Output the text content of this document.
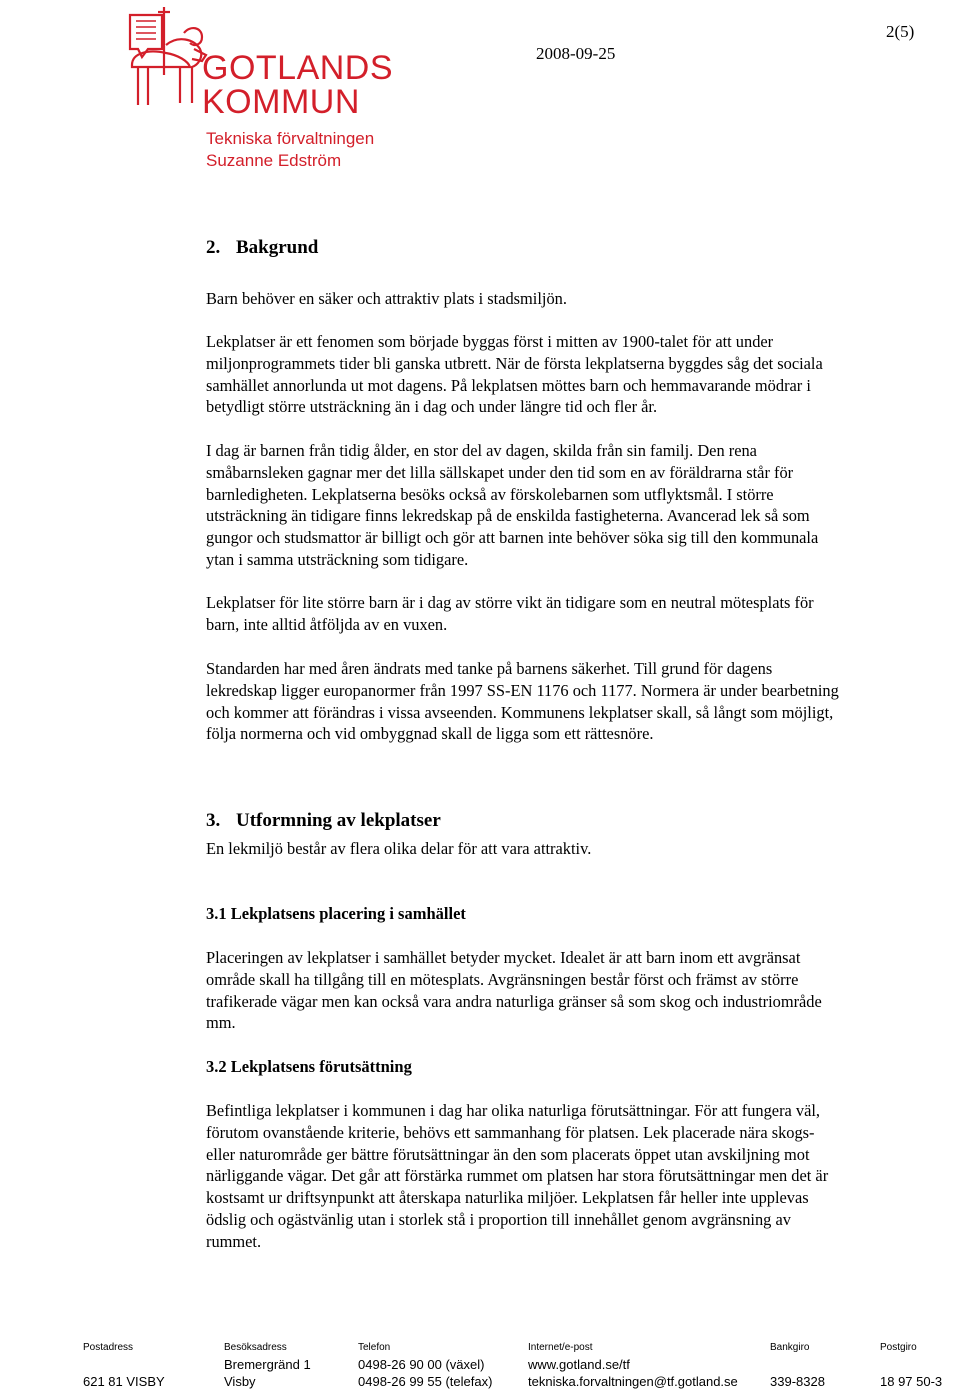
GOTLANDS
KOMMUN
Tekniska förvaltningen
Suzanne Edström
2008-09-25
2(5)
2. Bakgrund
Barn behöver en säker och attraktiv plats i stadsmiljön.
Lekplatser är ett fenomen som började byggas först i mitten av 1900-talet för att under miljonprogrammets tider bli ganska utbrett. När de första lekplatserna byggdes såg det sociala samhället annorlunda ut mot dagens. På lekplatsen möttes barn och hemmavarande mödrar i betydligt större utsträckning än i dag och under längre tid och fler år.
I dag är barnen från tidig ålder, en stor del av dagen, skilda från sin familj. Den rena småbarnsleken gagnar mer det lilla sällskapet under den tid som en av föräldrarna står för barnledigheten. Lekplatserna besöks också av förskolebarnen som utflyktsmål. I större utsträckning än tidigare finns lekredskap på de enskilda fastigheterna. Avancerad lek så som gungor och studsmattor är billigt och gör att barnen inte behöver söka sig till den kommunala ytan i samma utsträckning som tidigare.
Lekplatser för lite större barn är i dag av större vikt än tidigare som en neutral mötesplats för barn, inte alltid åtföljda av en vuxen.
Standarden har med åren ändrats med tanke på barnens säkerhet. Till grund för dagens lekredskap ligger europanormer från 1997 SS-EN 1176 och 1177. Normera är under bearbetning och kommer att förändras i vissa avseenden. Kommunens lekplatser skall, så långt som möjligt, följa normerna och vid ombyggnad skall de ligga som ett rättesnöre.
3. Utformning av lekplatser
En lekmiljö består av flera olika delar för att vara attraktiv.
3.1 Lekplatsens placering i samhället
Placeringen av lekplatser i samhället betyder mycket. Idealet är att barn inom ett avgränsat område skall ha tillgång till en mötesplats. Avgränsningen består först och främst av större trafikerade vägar men kan också vara andra naturliga gränser så som skog och industriområde mm.
3.2 Lekplatsens förutsättning
Befintliga lekplatser i kommunen i dag har olika naturliga förutsättningar. För att fungera väl, förutom ovanstående kriterie, behövs ett sammanhang för platsen. Lek placerade nära skogs- eller naturområde ger bättre förutsättningar än den som placerats öppet utan avskiljning mot närliggande vägar. Det går att förstärka rummet om platsen har stora förutsättningar men det är kostsamt ur driftsynpunkt att återskapa naturlika miljöer. Lekplatsen får heller inte upplevas ödslig och ogästvänlig utan i storlek stå i proportion till innehållet genom avgränsning av rummet.
Postadress
621 81 VISBY
Besöksadress
Bremergränd 1
Visby
Telefon
0498-26 90 00 (växel)
0498-26 99 55 (telefax)
Internet/e-post
www.gotland.se/tf
tekniska.forvaltningen@tf.gotland.se
Bankgiro
339-8328
Postgiro
18 97 50-3
